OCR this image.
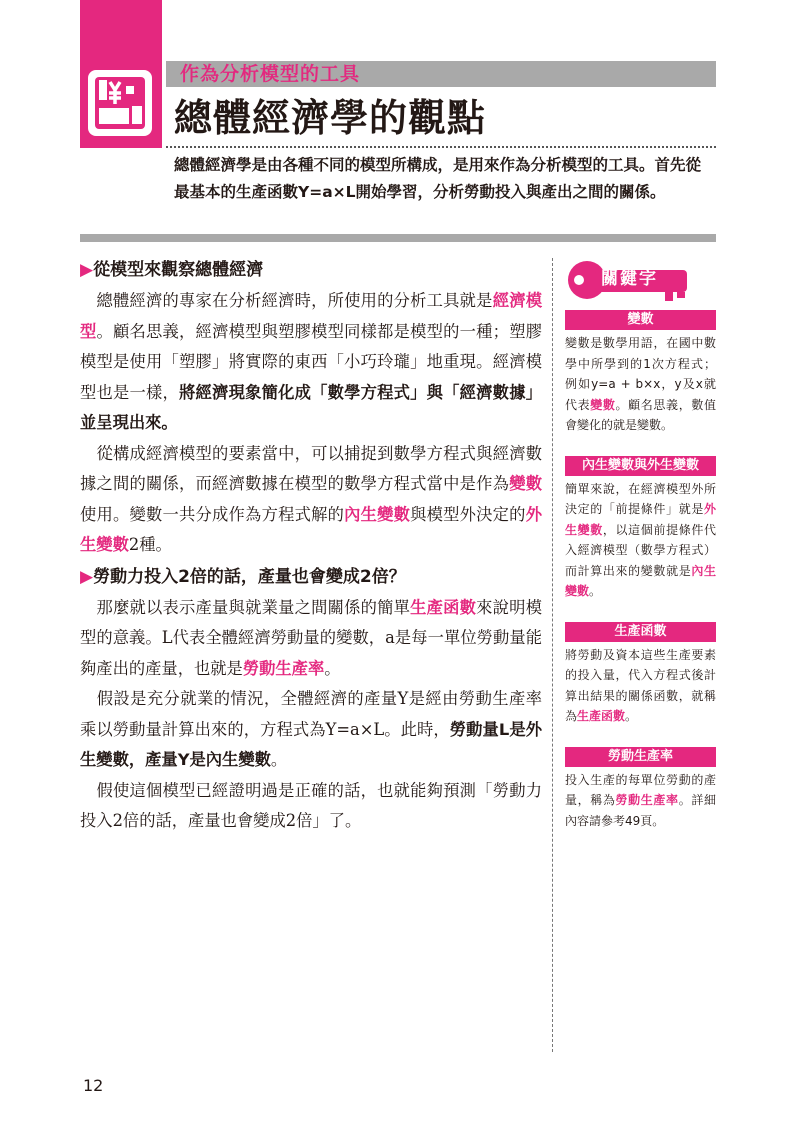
作為分析模型的工具
總體經濟學的觀點
總體經濟學是由各種不同的模型所構成，是用來作為分析模型的工具。首先從最基本的生產函數Y=a×L開始學習，分析勞動投入與產出之間的關係。
▶從模型來觀察總體經濟

　總體經濟的專家在分析經濟時，所使用的分析工具就是經濟模型。顧名思義，經濟模型與塑膠模型同樣都是模型的一種；塑膠模型是使用「塑膠」將實際的東西「小巧玲瓏」地重現。經濟模型也是一樣，將經濟現象簡化成「數學方程式」與「經濟數據」並呈現出來。

　從構成經濟模型的要素當中，可以捕捉到數學方程式與經濟數據之間的關係，而經濟數據在模型的數學方程式當中是作為變數使用。變數一共分成作為方程式解的內生變數與模型外決定的外生變數2種。

▶勞動力投入2倍的話，產量也會變成2倍？

　那麼就以表示產量與就業量之間關係的簡單生產函數來說明模型的意義。L代表全體經濟勞動量的變數，a是每一單位勞動量能夠產出的產量，也就是勞動生產率。

　假設是充分就業的情況，全體經濟的產量Y是經由勞動生產率乘以勞動量計算出來的，方程式為Y=a×L。此時，勞動量L是外生變數，產量Y是內生變數。

　假使這個模型已經證明過是正確的話，也就能夠預測「勞動力投入2倍的話，產量也會變成2倍」了。

關鍵字
變數
變數是數學用語，在國中數學中所學到的1次方程式；例如y=a + b×x，y及x就代表變數。顧名思義，數值會變化的就是變數。
內生變數與外生變數
簡單來說，在經濟模型外所決定的「前提條件」就是外生變數，以這個前提條件代入經濟模型（數學方程式）而計算出來的變數就是內生變數。
生產函數
將勞動及資本這些生產要素的投入量，代入方程式後計算出結果的關係函數，就稱為生產函數。
勞動生產率
投入生產的每單位勞動的產量，稱為勞動生產率。詳細內容請參考49頁。
12
